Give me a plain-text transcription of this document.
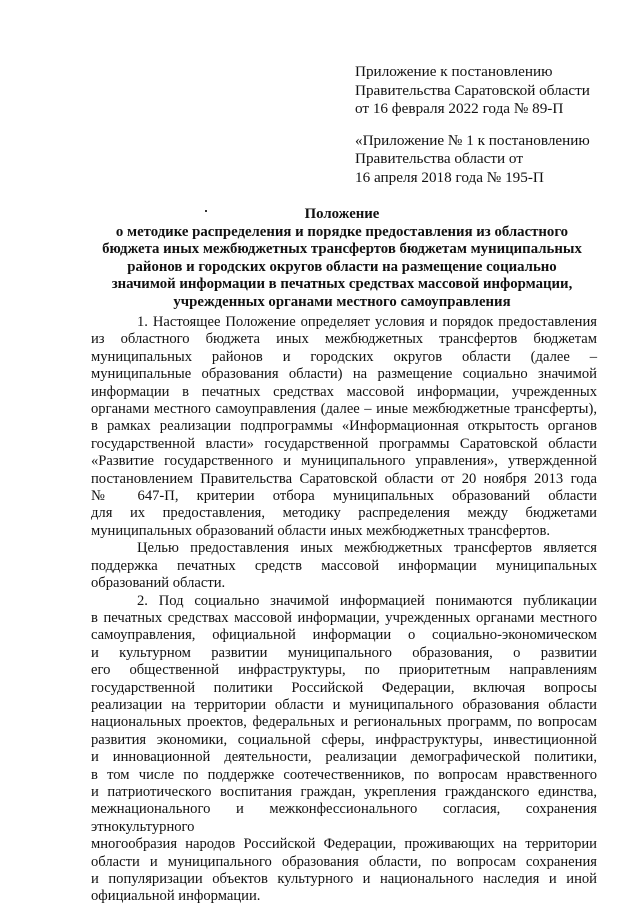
Приложение к постановлению
Правительства Саратовской области
от 16 февраля 2022 года № 89-П
«Приложение № 1 к постановлению
Правительства области от
16 апреля 2018 года № 195-П
Положение
о методике распределения и порядке предоставления из областного
бюджета иных межбюджетных трансфертов бюджетам муниципальных
районов и городских округов области на размещение социально
значимой информации в печатных средствах массовой информации,
учрежденных органами местного самоуправления
1. Настоящее Положение определяет условия и порядок предоставления
из областного бюджета иных межбюджетных трансфертов бюджетам
муниципальных районов и городских округов области (далее –
муниципальные образования области) на размещение социально значимой
информации в печатных средствах массовой информации, учрежденных
органами местного самоуправления (далее – иные межбюджетные трансферты),
в рамках реализации подпрограммы «Информационная открытость органов
государственной власти» государственной программы Саратовской области
«Развитие государственного и муниципального управления», утвержденной
постановлением Правительства Саратовской области от 20 ноября 2013 года
№ 647-П, критерии отбора муниципальных образований области
для их предоставления, методику распределения между бюджетами
муниципальных образований области иных межбюджетных трансфертов.
Целью предоставления иных межбюджетных трансфертов является
поддержка печатных средств массовой информации муниципальных
образований области.
2. Под социально значимой информацией понимаются публикации
в печатных средствах массовой информации, учрежденных органами местного
самоуправления, официальной информации о социально-экономическом
и культурном развитии муниципального образования, о развитии
его общественной инфраструктуры, по приоритетным направлениям
государственной политики Российской Федерации, включая вопросы
реализации на территории области и муниципального образования области
национальных проектов, федеральных и региональных программ, по вопросам
развития экономики, социальной сферы, инфраструктуры, инвестиционной
и инновационной деятельности, реализации демографической политики,
в том числе по поддержке соотечественников, по вопросам нравственного
и патриотического воспитания граждан, укрепления гражданского единства,
межнационального и межконфессионального согласия, сохранения этнокультурного
многообразия народов Российской Федерации, проживающих на территории
области и муниципального образования области, по вопросам сохранения
и популяризации объектов культурного и национального наследия и иной
официальной информации.
